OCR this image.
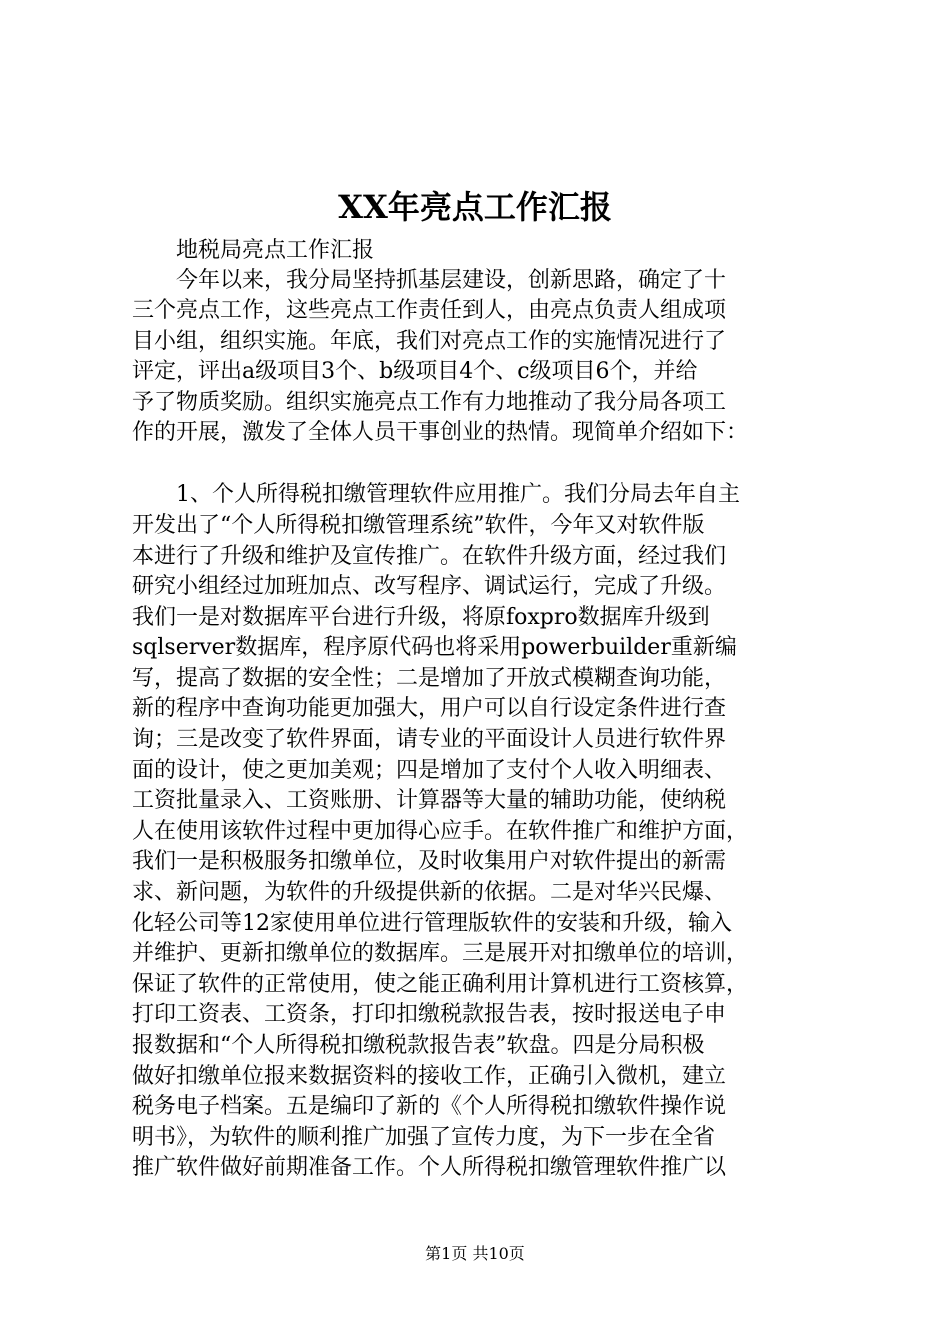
XX年亮点工作汇报
　　地税局亮点工作汇报
　　今年以来，我分局坚持抓基层建设，创新思路，确定了十
三个亮点工作，这些亮点工作责任到人，由亮点负责人组成项
目小组，组织实施。年底，我们对亮点工作的实施情况进行了
评定，评出a级项目3个、b级项目4个、c级项目6个，并给
予了物质奖励。组织实施亮点工作有力地推动了我分局各项工
作的开展，激发了全体人员干事创业的热情。现简单介绍如下：
　　1、个人所得税扣缴管理软件应用推广。我们分局去年自主
开发出了“个人所得税扣缴管理系统”软件，今年又对软件版
本进行了升级和维护及宣传推广。在软件升级方面，经过我们
研究小组经过加班加点、改写程序、调试运行，完成了升级。
我们一是对数据库平台进行升级，将原foxpro数据库升级到
sqlserver数据库，程序原代码也将采用powerbuilder重新编
写，提高了数据的安全性；二是增加了开放式模糊查询功能，
新的程序中查询功能更加强大，用户可以自行设定条件进行查
询；三是改变了软件界面，请专业的平面设计人员进行软件界
面的设计，使之更加美观；四是增加了支付个人收入明细表、
工资批量录入、工资账册、计算器等大量的辅助功能，使纳税
人在使用该软件过程中更加得心应手。在软件推广和维护方面，
我们一是积极服务扣缴单位，及时收集用户对软件提出的新需
求、新问题，为软件的升级提供新的依据。二是对华兴民爆、
化轻公司等12家使用单位进行管理版软件的安装和升级，输入
并维护、更新扣缴单位的数据库。三是展开对扣缴单位的培训，
保证了软件的正常使用，使之能正确利用计算机进行工资核算，
打印工资表、工资条，打印扣缴税款报告表，按时报送电子申
报数据和“个人所得税扣缴税款报告表”软盘。四是分局积极
做好扣缴单位报来数据资料的接收工作，正确引入微机，建立
税务电子档案。五是编印了新的《个人所得税扣缴软件操作说
明书》，为软件的顺利推广加强了宣传力度，为下一步在全省
推广软件做好前期准备工作。个人所得税扣缴管理软件推广以
第1页 共10页
